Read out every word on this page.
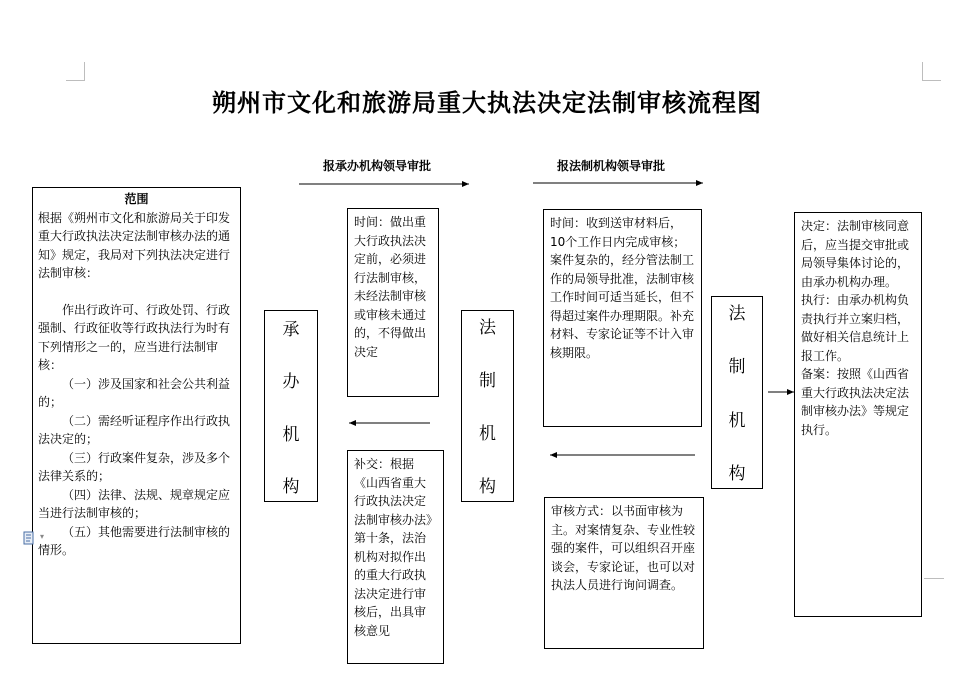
朔州市文化和旅游局重大执法决定法制审核流程图
报承办机构领导审批	报法制机构领导审批

范围

根据《朔州市文化和旅游局关于印发重大行政执法决定法制审核办法的通知》规定，我局对下列执法决定进行法制审核：

作出行政许可、行政处罚、行政强制、行政征收等行政执法行为时有下列情形之一的，应当进行法制审核：

（一）涉及国家和社会公共利益的；

（二）需经听证程序作出行政执法决定的；

（三）行政案件复杂，涉及多个法律关系的；

（四）法律、法规、规章规定应当进行法制审核的；

（五）其他需要进行法制审核的情形。

▾
承
办
机
构
时间：做出重大行政执法决定前，必须进行法制审核，未经法制审核或审核未通过的，不得做出决定
补交：根据《山西省重大行政执法决定法制审核办法》第十条，法治机构对拟作出的重大行政执法决定进行审核后，出具审核意见
法
制
机
构
时间：收到送审材料后，10个工作日内完成审核；案件复杂的，经分管法制工作的局领导批准，法制审核工作时间可适当延长，但不得超过案件办理期限。补充材料、专家论证等不计入审核期限。
审核方式：以书面审核为主。对案情复杂、专业性较强的案件，可以组织召开座谈会，专家论证，也可以对执法人员进行询问调查。
法
制
机
构

决定：法制审核同意后，应当提交审批或局领导集体讨论的，由承办机构办理。

执行：由承办机构负责执行并立案归档，做好相关信息统计上报工作。

备案：按照《山西省重大行政执法决定法制审核办法》等规定执行。
